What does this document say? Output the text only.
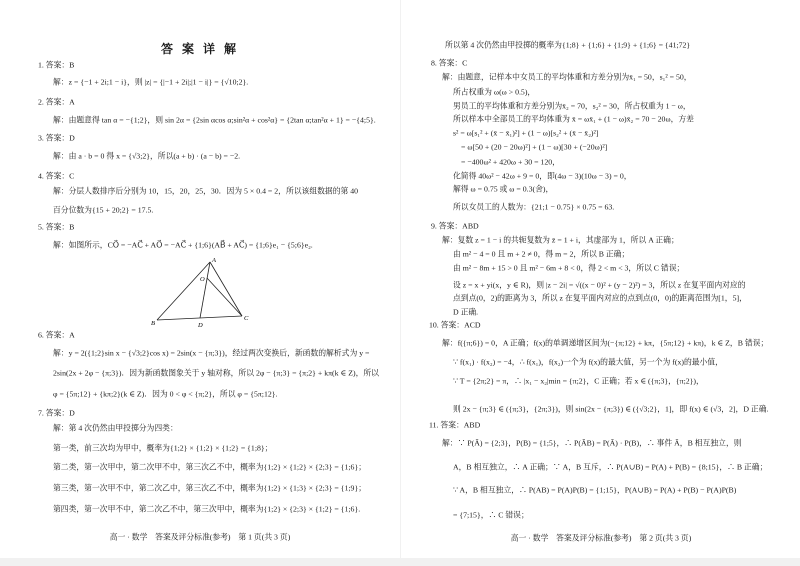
答 案 详 解
A
O
B	D
C
高一 · 数学　答案及评分标准(参考)　第 1 页(共 3 页)
1. 答案：B
解：z = {−1 + 2i;1 − i}，则 |z| = {|−1 + 2i|;|1 − i|} = {√10;2}.
2. 答案：A
解：由题意得 tan α = −{1;2}，则 sin 2α = {2sin αcos α;sin²α + cos²α} = {2tan α;tan²α + 1} = −{4;5}.
3. 答案：D
解：由 a · b = 0 得 x = {√3;2}，所以(a + b) · (a − b) = −2.
4. 答案：C
解：分层人数排序后分别为 10，15，20，25，30．因为 5 × 0.4 = 2，所以该组数据的第 40
百分位数为{15 + 20;2} = 17.5.
5. 答案：B
解：如图所示，CO⃗ = −AC⃗ + AO⃗ = −AC⃗ + {1;6}(AB⃗ + AC⃗) = {1;6}e₁ − {5;6}e₂.
6. 答案：A
解：y = 2({1;2}sin x − {√3;2}cos x) = 2sin(x − {π;3})，经过两次变换后，新函数的解析式为 y =
2sin(2x + 2φ − {π;3})．因为新函数图象关于 y 轴对称，所以 2φ − {π;3} = {π;2} + kπ(k ∈ Z)，所以
φ = {5π;12} + {kπ;2}(k ∈ Z)．因为 0 < φ < {π;2}，所以 φ = {5π;12}.
7. 答案：D
解：第 4 次仍然由甲投掷分为四类：
第一类，前三次均为甲中，概率为{1;2} × {1;2} × {1;2} = {1;8}；
第二类，第一次甲中，第二次甲不中，第三次乙不中，概率为{1;2} × {1;2} × {2;3} = {1;6}；
第三类，第一次甲不中，第二次乙中，第三次乙不中，概率为{1;2} × {1;3} × {2;3} = {1;9}；
第四类，第一次甲不中，第二次乙不中，第三次甲中，概率为{1;2} × {2;3} × {1;2} = {1;6}.
高一 · 数学　答案及评分标准(参考)　第 2 页(共 3 页)
所以第 4 次仍然由甲投掷的概率为{1;8} + {1;6} + {1;9} + {1;6} = {41;72}
8. 答案：C
解：由题意，记样本中女员工的平均体重和方差分别为x̄₁ = 50，s₁² = 50，
所占权重为 ω(ω > 0.5)，
男员工的平均体重和方差分别为x̄₂ = 70，s₂² = 30，所占权重为 1 − ω，
所以样本中全部员工的平均体重为 x̄ = ωx̄₁ + (1 − ω)x̄₂ = 70 − 20ω，方差
s² = ω[s₁² + (x̄ − x̄₁)²] + (1 − ω)[s₂² + (x̄ − x̄₂)²]
= ω[50 + (20 − 20ω)²] + (1 − ω)[30 + (−20ω)²]
= −400ω² + 420ω + 30 = 120，
化简得 40ω² − 42ω + 9 = 0，即(4ω − 3)(10ω − 3) = 0，
解得 ω = 0.75 或 ω = 0.3(舍)，
所以女员工的人数为：{21;1 − 0.75} × 0.75 = 63.
9. 答案：ABD
解：复数 z = 1 − i 的共轭复数为 z̄ = 1 + i，其虚部为 1，所以 A 正确；
由 m² − 4 = 0 且 m + 2 ≠ 0，得 m = 2，所以 B 正确；
由 m² − 8m + 15 > 0 且 m² − 6m + 8 < 0，得 2 < m < 3，所以 C 错误；
设 z = x + yi(x，y ∈ R)，则 |z − 2i| = √((x − 0)² + (y − 2)²) = 3，所以 z 在复平面内对应的
点到点(0，2)的距离为 3，所以 z 在复平面内对应的点到点(0，0)的距离范围为[1，5]，
D 正确.
10. 答案：ACD
解：f({π;6}) = 0，A 正确；f(x)的单调递增区间为(−{π;12} + kπ，{5π;12} + kπ)，k ∈ Z，B 错误；
∵ f(x₁) · f(x₂) = −4，∴ f(x₁)，f(x₂)一个为 f(x)的最大值，另一个为 f(x)的最小值，
∵ T = {2π;2} = π，∴ |x₁ − x₂|min = {π;2}，C 正确；若 x ∈ ({π;3}，{π;2})，
则 2x − {π;3} ∈ ({π;3}，{2π;3})，则 sin(2x − {π;3}) ∈ ({√3;2}，1]，即 f(x) ∈ (√3，2]，D 正确.
11. 答案：ABD
解：∵ P(Ā) = {2;3}，P(B) = {1;5}，∴ P(ĀB) = P(Ā) · P(B)，∴ 事件 Ā，B 相互独立，则
A，B 相互独立，∴ A 正确；∵ A，B 互斥，∴ P(A∪B) = P(A) + P(B) = {8;15}，∴ B 正确；
∵ A，B 相互独立，∴ P(AB) = P(A)P(B) = {1;15}，P(A∪B) = P(A) + P(B) − P(A)P(B)
= {7;15}，∴ C 错误；
